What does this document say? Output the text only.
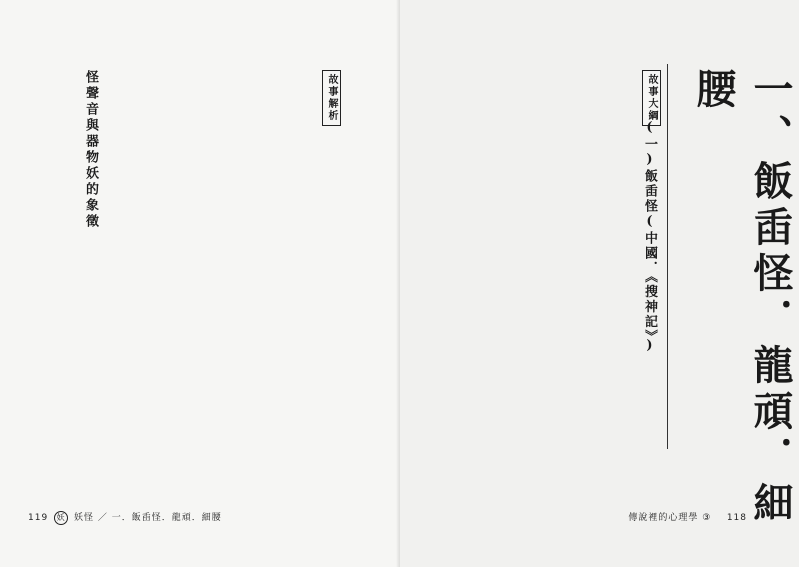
故事解析
怪聲音與器物妖的象徵
119 妖 妖怪 ／ 一．飯臿怪．龍頑．細腰	一、飯臿怪．龍頑．細腰
故事大綱
(一)飯臿怪(中國．《搜神記》)
傳說裡的心理學 ③ 118
